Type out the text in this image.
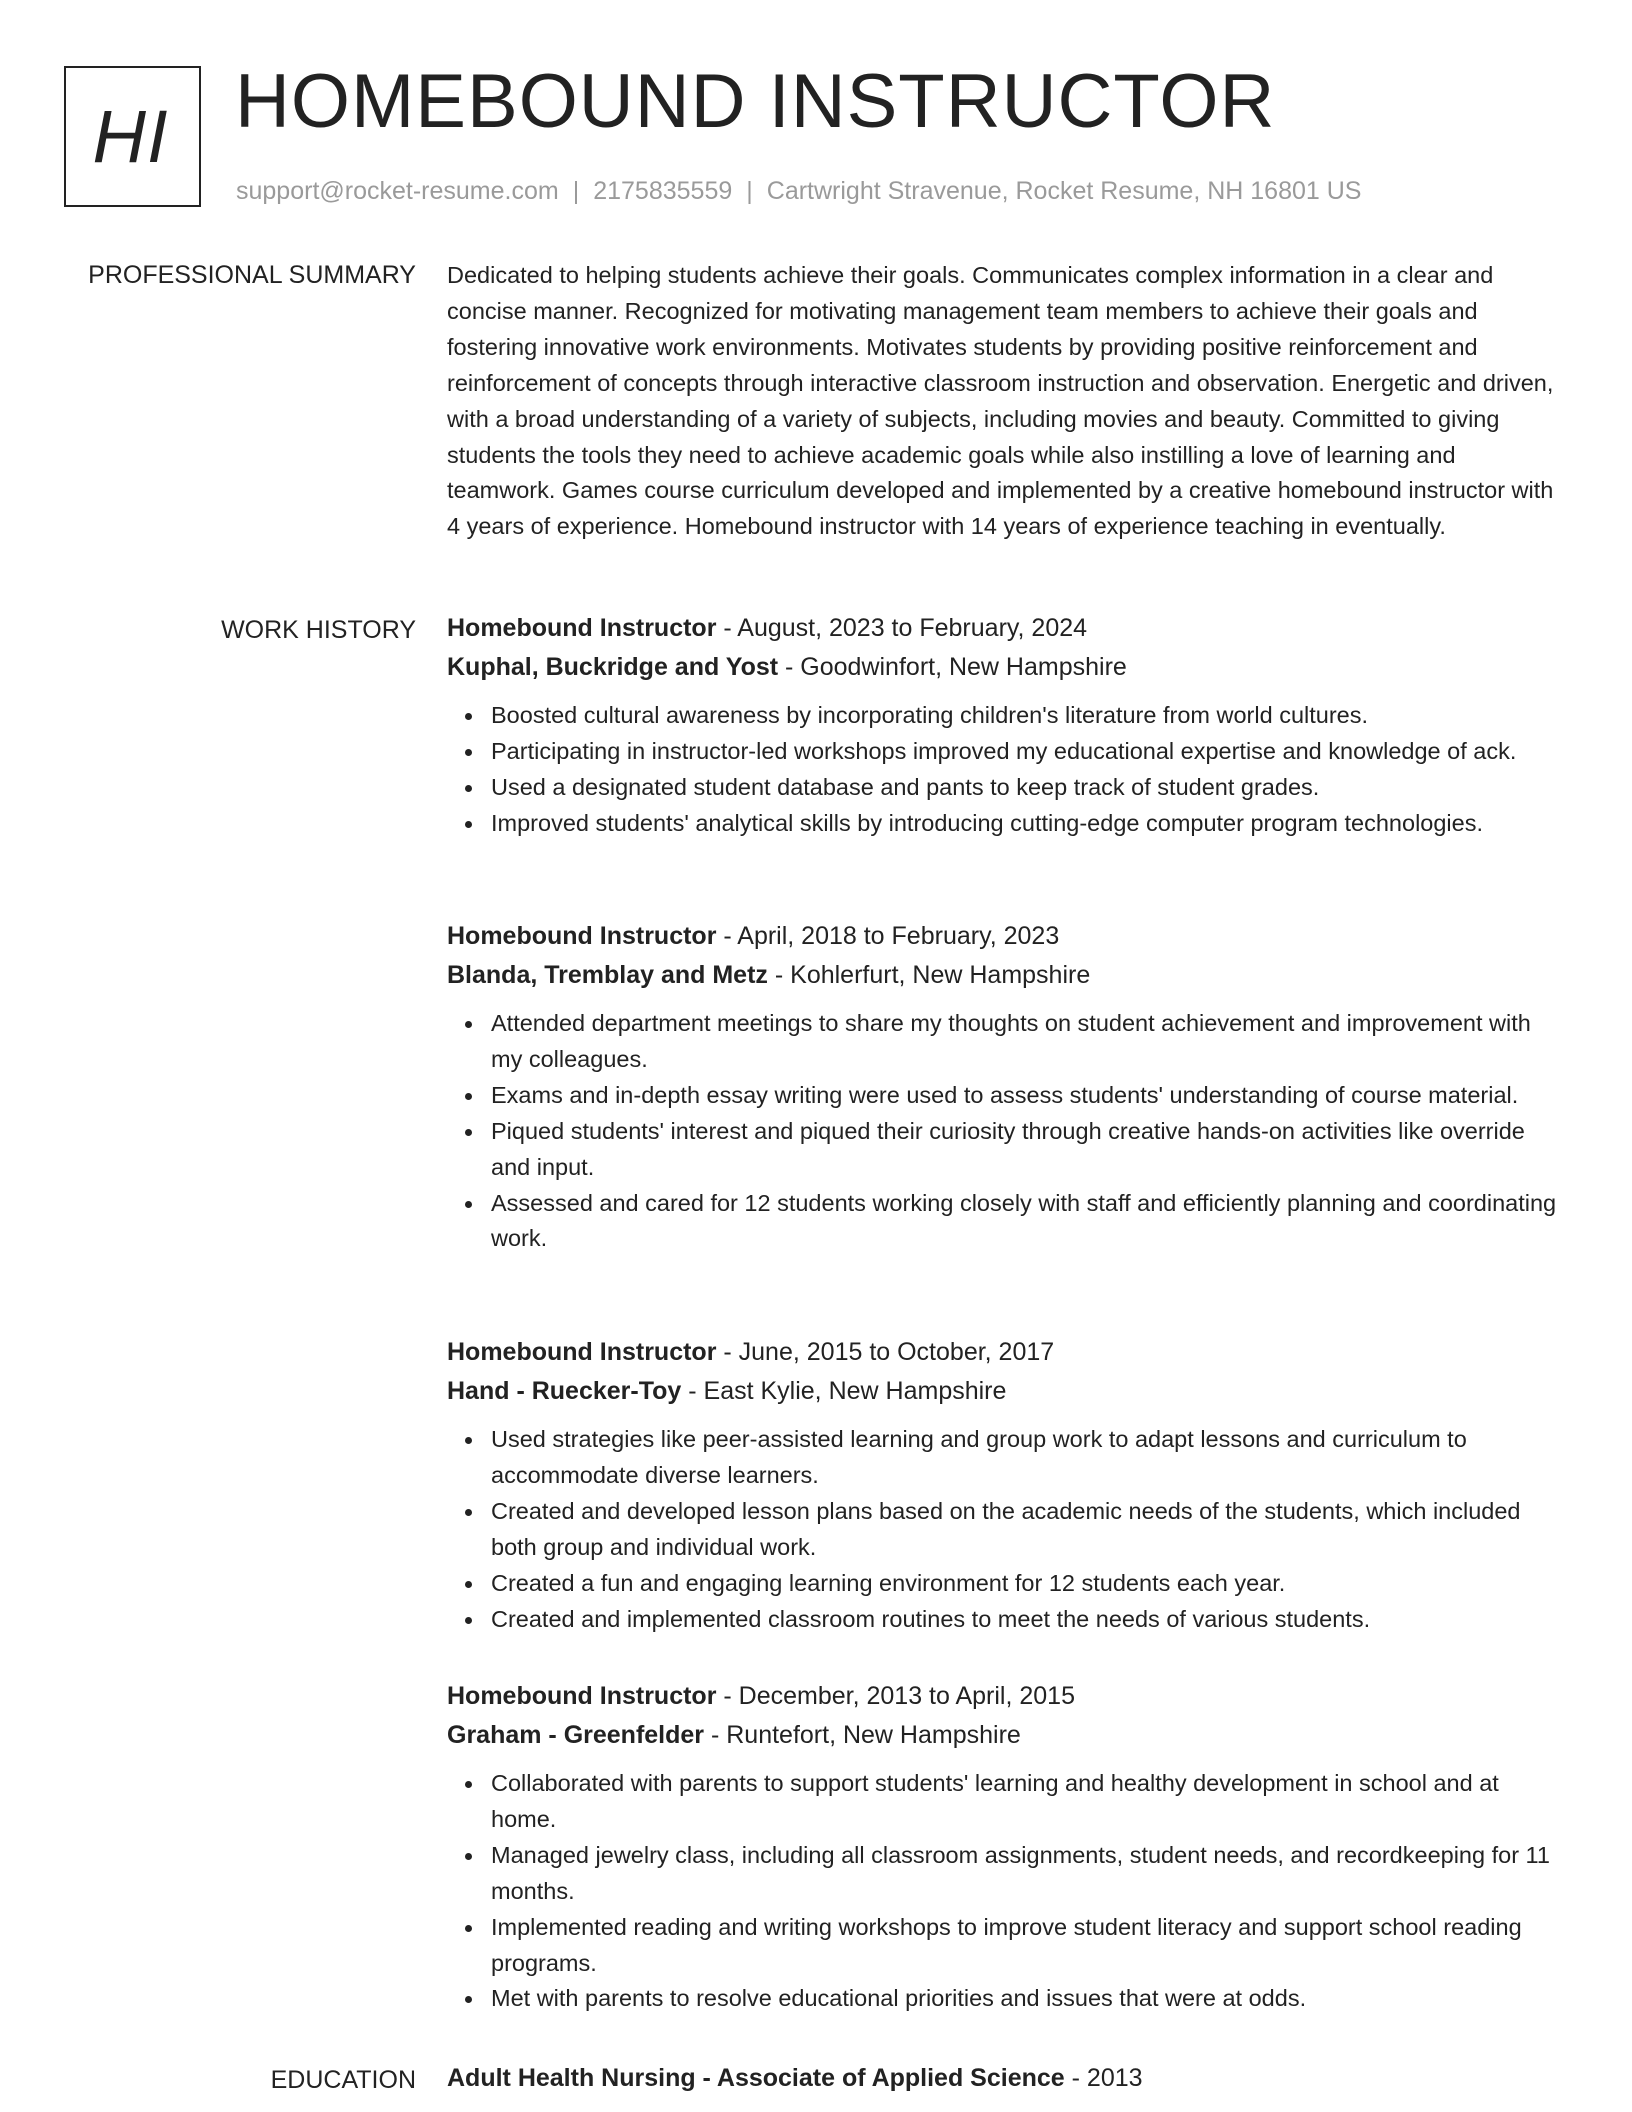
HI HOMEBOUND INSTRUCTOR
support@rocket-resume.com | 2175835559 | Cartwright Stravenue, Rocket Resume, NH 16801 US
PROFESSIONAL SUMMARY Dedicated to helping students achieve their goals. Communicates complex information in a clear and concise manner. Recognized for motivating management team members to achieve their goals and fostering innovative work environments. Motivates students by providing positive reinforcement and reinforcement of concepts through interactive classroom instruction and observation. Energetic and driven, with a broad understanding of a variety of subjects, including movies and beauty. Committed to giving students the tools they need to achieve academic goals while also instilling a love of learning and teamwork. Games course curriculum developed and implemented by a creative homebound instructor with 4 years of experience. Homebound instructor with 14 years of experience teaching in eventually.

WORK HISTORY Homebound Instructor - August, 2023 to February, 2024
Kuphal, Buckridge and Yost - Goodwinfort, New Hampshire
Boosted cultural awareness by incorporating children's literature from world cultures.
Participating in instructor-led workshops improved my educational expertise and knowledge of ack.
Used a designated student database and pants to keep track of student grades.
Improved students' analytical skills by introducing cutting-edge computer program technologies.
Homebound Instructor - April, 2018 to February, 2023
Blanda, Tremblay and Metz - Kohlerfurt, New Hampshire
Attended department meetings to share my thoughts on student achievement and improvement with my colleagues.
Exams and in-depth essay writing were used to assess students' understanding of course material.
Piqued students' interest and piqued their curiosity through creative hands-on activities like override and input.
Assessed and cared for 12 students working closely with staff and efficiently planning and coordinating work.
Homebound Instructor - June, 2015 to October, 2017
Hand - Ruecker-Toy - East Kylie, New Hampshire
Used strategies like peer-assisted learning and group work to adapt lessons and curriculum to accommodate diverse learners.
Created and developed lesson plans based on the academic needs of the students, which included both group and individual work.
Created a fun and engaging learning environment for 12 students each year.
Created and implemented classroom routines to meet the needs of various students.
Homebound Instructor - December, 2013 to April, 2015
Graham - Greenfelder - Runtefort, New Hampshire
Collaborated with parents to support students' learning and healthy development in school and at home.
Managed jewelry class, including all classroom assignments, student needs, and recordkeeping for 11 months.
Implemented reading and writing workshops to improve student literacy and support school reading programs.
Met with parents to resolve educational priorities and issues that were at odds.
EDUCATION Adult Health Nursing - Associate of Applied Science - 2013
